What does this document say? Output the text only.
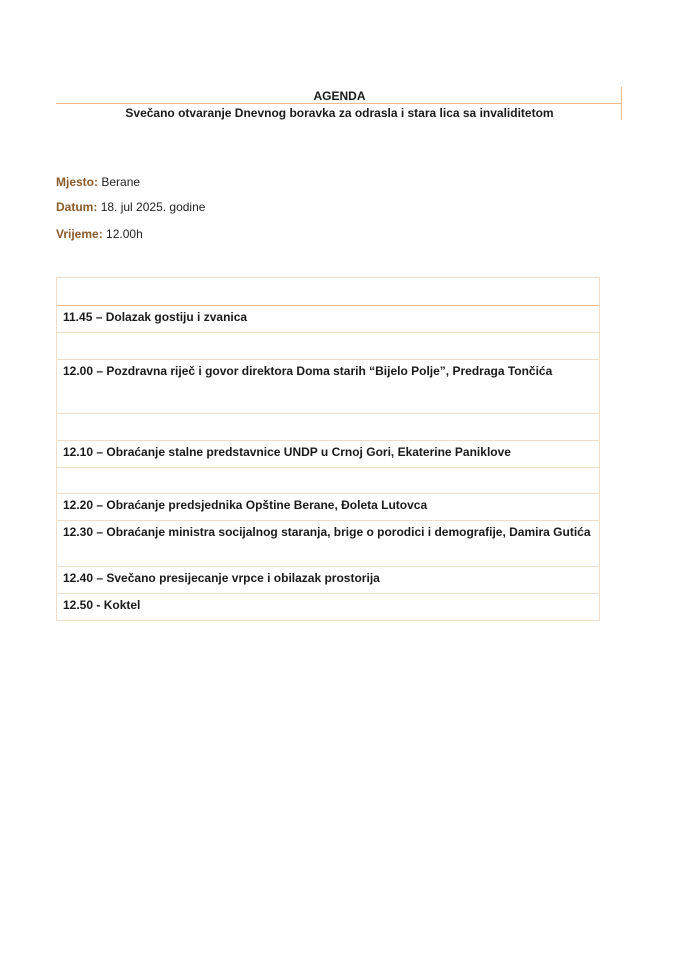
AGENDA
Svečano otvaranje Dnevnog boravka za odrasla i stara lica sa invaliditetom
Mjesto: Berane
Datum: 18. jul 2025. godine
Vrijeme: 12.00h
11.45 – Dolazak gostiju i zvanica
12.00 – Pozdravna riječ i govor direktora Doma starih “Bijelo Polje”, Predraga Tončića
12.10 – Obraćanje stalne predstavnice UNDP u Crnoj Gori, Ekaterine Paniklove
12.20 – Obraćanje predsjednika Opštine Berane, Đoleta Lutovca
12.30 – Obraćanje ministra socijalnog staranja, brige o porodici i demografije, Damira Gutića
12.40 – Svečano presijecanje vrpce i obilazak prostorija
12.50 - Koktel
